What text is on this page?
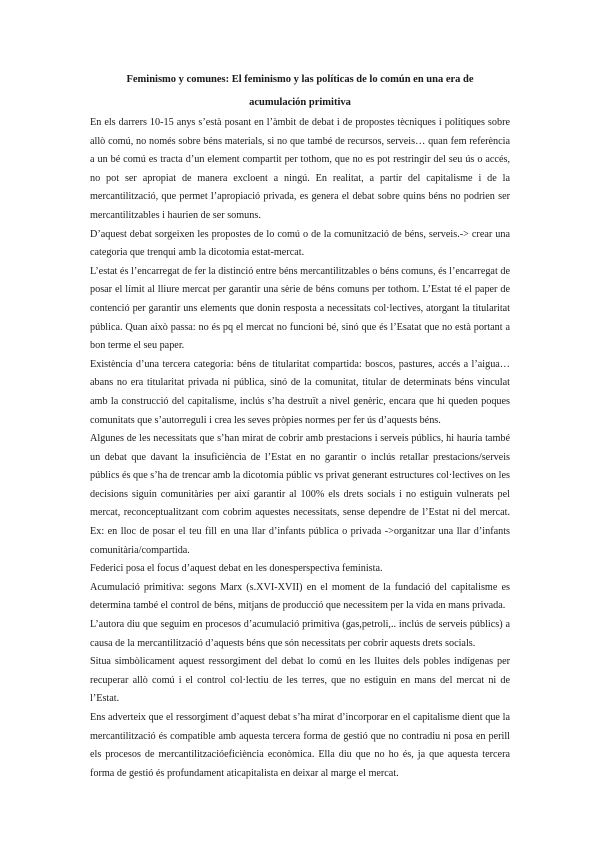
Feminismo y comunes: El feminismo y las políticas de lo común en una era de acumulación primitiva

En els darrers 10-15 anys s’està posant en l’àmbit de debat i de propostes tècniques i polítiques sobre allò comú, no només sobre béns materials, si no que també de recursos, serveis… quan fem referència a un bé comú es tracta d’un element compartit per tothom, que no es pot restringir del seu ús o accés, no pot ser apropiat de manera excloent a ningú. En realitat, a partir del capitalisme i de la mercantilització, que permet l’apropiació privada, es genera el debat sobre quins béns no podrien ser mercantilitzables i haurien de ser somuns.

D’aquest debat sorgeixen les propostes de lo comú o de la comunització de béns, serveis.-> crear una categoria que trenqui amb la dicotomia estat-mercat.

L’estat és l’encarregat de fer la distinció entre béns mercantilitzables o béns comuns, és l’encarregat de posar el límit al lliure mercat per garantir una sèrie de béns comuns per tothom. L’Estat té el paper de contenció per garantir uns elements que donin resposta a necessitats col·lectives, atorgant la titularitat pública. Quan això passa: no és pq el mercat no funcioni bé, sinó que és l’Esatat que no està portant a bon terme el seu paper.

Existència d’una tercera categoria: béns de titularitat compartida: boscos, pastures, accés a l’aigua… abans no era titularitat privada ni pública, sinó de la comunitat, titular de determinats béns vinculat amb la construcció del capitalisme, inclús s’ha destruït a nivel genèric, encara que hi queden poques comunitats que s’autorreguli i crea les seves pròpies normes per fer ús d’aquests béns.

Algunes de les necessitats que s’han mirat de cobrir amb prestacions i serveis públics, hi hauria també un debat que davant la insuficiència de l’Estat en no garantir o inclús retallar prestacions/serveis públics és que s’ha de trencar amb la dicotomia públic vs privat generant estructures col·lectives on les decisions siguin comunitàries per així garantir al 100% els drets socials i no estiguin vulnerats pel mercat, reconceptualitzant com cobrim aquestes necessitats, sense dependre de l’Estat ni del mercat. Ex: en lloc de posar el teu fill en una llar d’infants pública o privada ->organitzar una llar d’infants comunitària/compartida.

Federici posa el focus d’aquest debat en les donesperspectiva feminista.

Acumulació primitiva: segons Marx (s.XVI-XVII) en el moment de la fundació del capitalisme es determina també el control de béns, mitjans de producció que necessitem per la vida en mans privada.

L’autora diu que seguim en procesos d’acumulació primitiva (gas,petroli,.. inclús de serveis públics) a causa de la mercantilització d’aquests béns que són necessitats per cobrir aquests drets socials.

Situa simbòlicament aquest ressorgiment del debat lo comú en les lluites dels pobles indígenas per recuperar allò comú i el control col·lectiu de les terres, que no estiguin en mans del mercat ni de l’Estat.

Ens adverteix que el ressorgiment d’aquest debat s’ha mirat d’incorporar en el capitalisme dient que la mercantilització és compatible amb aquesta tercera forma de gestió que no contradiu ni posa en perill els procesos de mercantilitzacióeficiència econòmica. Ella diu que no ho és, ja que aquesta tercera forma de gestió és profundament aticapitalista en deixar al marge el mercat.
